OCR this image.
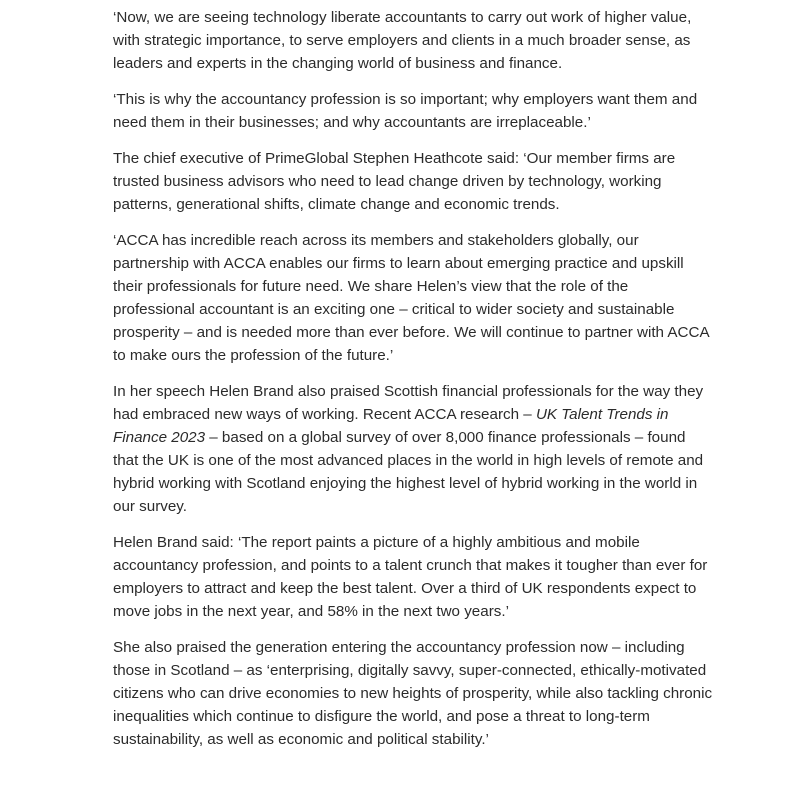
‘Now, we are seeing technology liberate accountants to carry out work of higher value, with strategic importance, to serve employers and clients in a much broader sense, as leaders and experts in the changing world of business and finance.

‘This is why the accountancy profession is so important; why employers want them and need them in their businesses; and why accountants are irreplaceable.’

The chief executive of PrimeGlobal Stephen Heathcote said: ‘Our member firms are trusted business advisors who need to lead change driven by technology, working patterns, generational shifts, climate change and economic trends.

‘ACCA has incredible reach across its members and stakeholders globally, our partnership with ACCA enables our firms to learn about emerging practice and upskill their professionals for future need. We share Helen’s view that the role of the professional accountant is an exciting one – critical to wider society and sustainable prosperity – and is needed more than ever before. We will continue to partner with ACCA to make ours the profession of the future.’

In her speech Helen Brand also praised Scottish financial professionals for the way they had embraced new ways of working. Recent ACCA research – UK Talent Trends in Finance 2023 – based on a global survey of over 8,000 finance professionals – found that the UK is one of the most advanced places in the world in high levels of remote and hybrid working with Scotland enjoying the highest level of hybrid working in the world in our survey.

Helen Brand said: ‘The report paints a picture of a highly ambitious and mobile accountancy profession, and points to a talent crunch that makes it tougher than ever for employers to attract and keep the best talent. Over a third of UK respondents expect to move jobs in the next year, and 58% in the next two years.’

She also praised the generation entering the accountancy profession now – including those in Scotland – as ‘enterprising, digitally savvy, super-connected, ethically-motivated citizens who can drive economies to new heights of prosperity, while also tackling chronic inequalities which continue to disfigure the world, and pose a threat to long-term sustainability, as well as economic and political stability.’
